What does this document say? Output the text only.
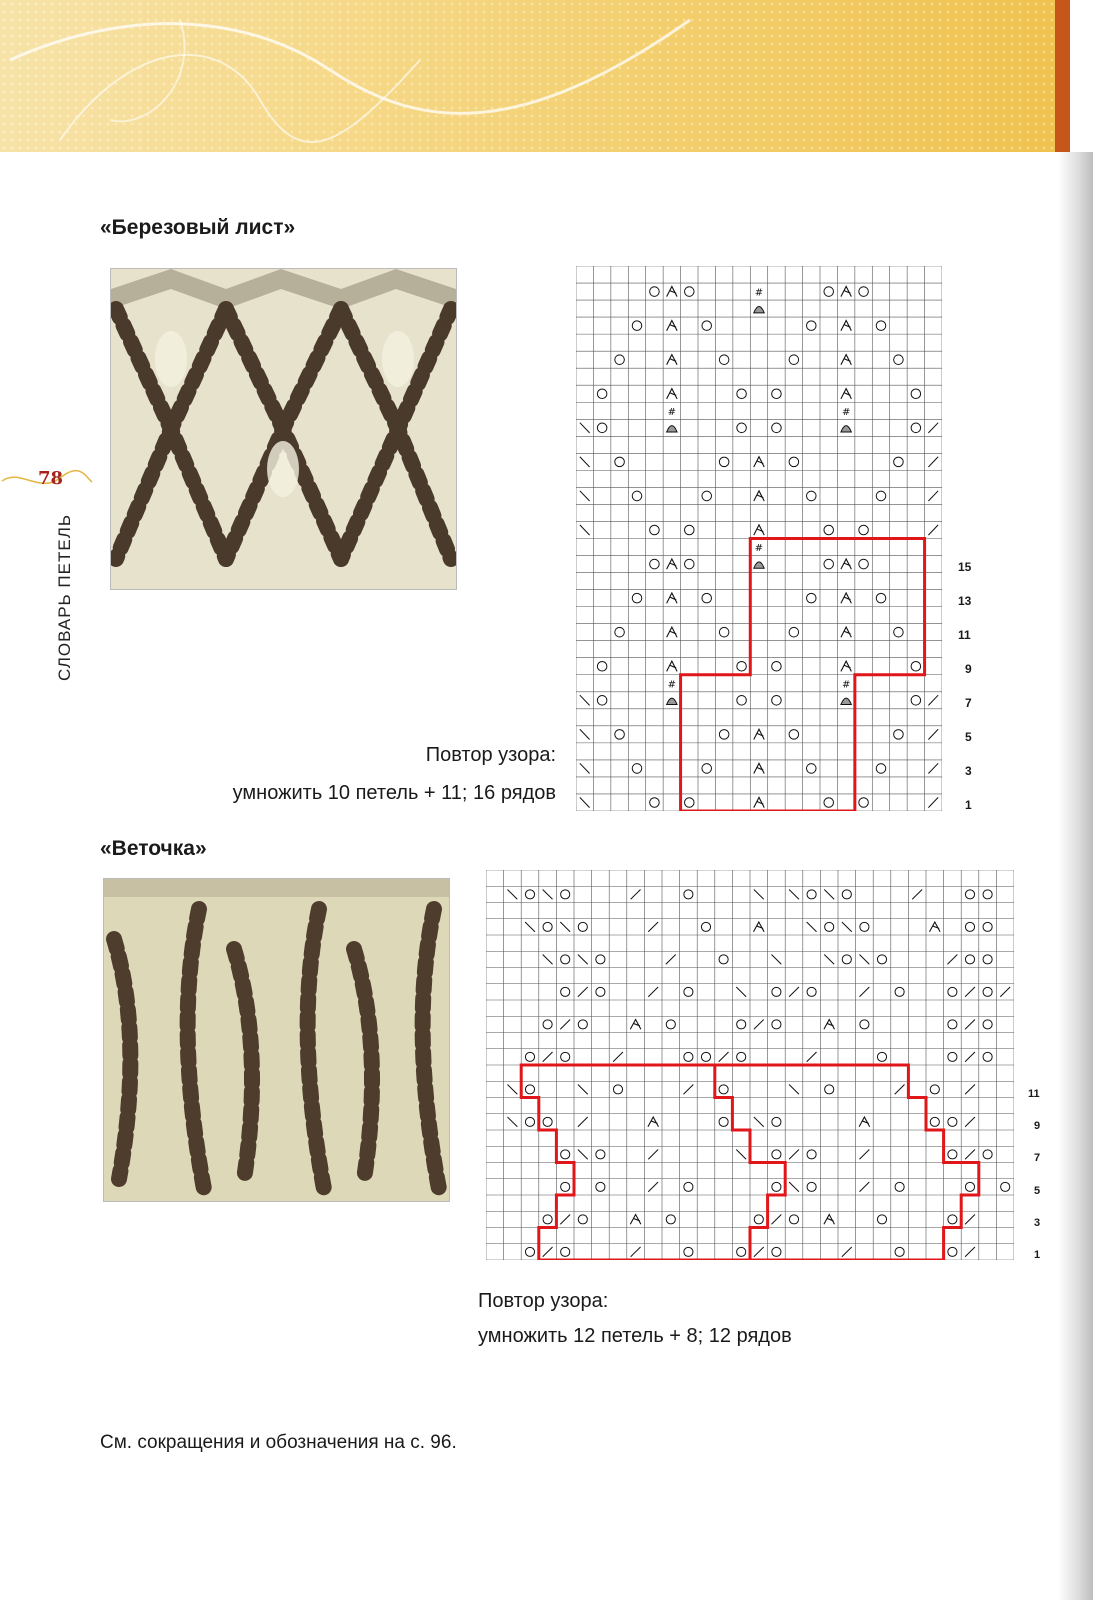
78
СЛОВАРЬ ПЕТЕЛЬ
«Березовый лист»
#
#	#
#
#	#
15
13
11
9
7
5
3
1
Повтор узора:
умножить 10 петель + 11; 16 рядов
«Веточка»
11
9
7
5
3
1
Повтор узора:
умножить 12 петель + 8; 12 рядов
См. сокращения и обозначения на с. 96.
